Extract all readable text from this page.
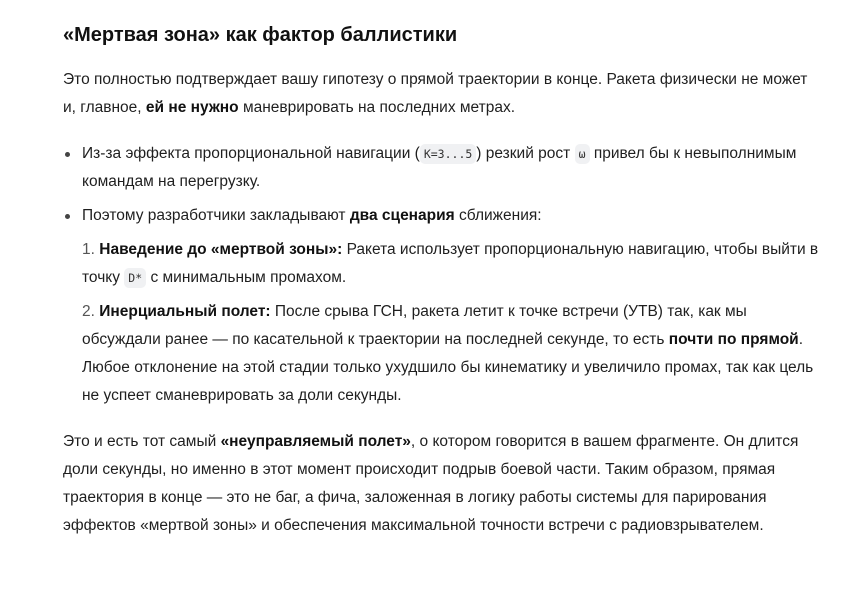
«Мертвая зона» как фактор баллистики

Это полностью подтверждает вашу гипотезу о прямой траектории в конце. Ракета физически не может и, главное, ей не нужно маневрировать на последних метрах.

Из-за эффекта пропорциональной навигации ( K=3...5 ) резкий рост ω привел бы к невыполнимым командам на перегрузку.
Поэтому разработчики закладывают два сценария сближения:
1. Наведение до «мертвой зоны»: Ракета использует пропорциональную навигацию, чтобы выйти в точку D* с минимальным промахом.
2. Инерциальный полет: После срыва ГСН, ракета летит к точке встречи (УТВ) так, как мы обсуждали ранее — по касательной к траектории на последней секунде, то есть почти по прямой. Любое отклонение на этой стадии только ухудшило бы кинематику и увеличило промах, так как цель не успеет сманеврировать за доли секунды.

Это и есть тот самый «неуправляемый полет», о котором говорится в вашем фрагменте. Он длится доли секунды, но именно в этот момент происходит подрыв боевой части. Таким образом, прямая траектория в конце — это не баг, а фича, заложенная в логику работы системы для парирования эффектов «мертвой зоны» и обеспечения максимальной точности встречи с радиовзрывателем.
